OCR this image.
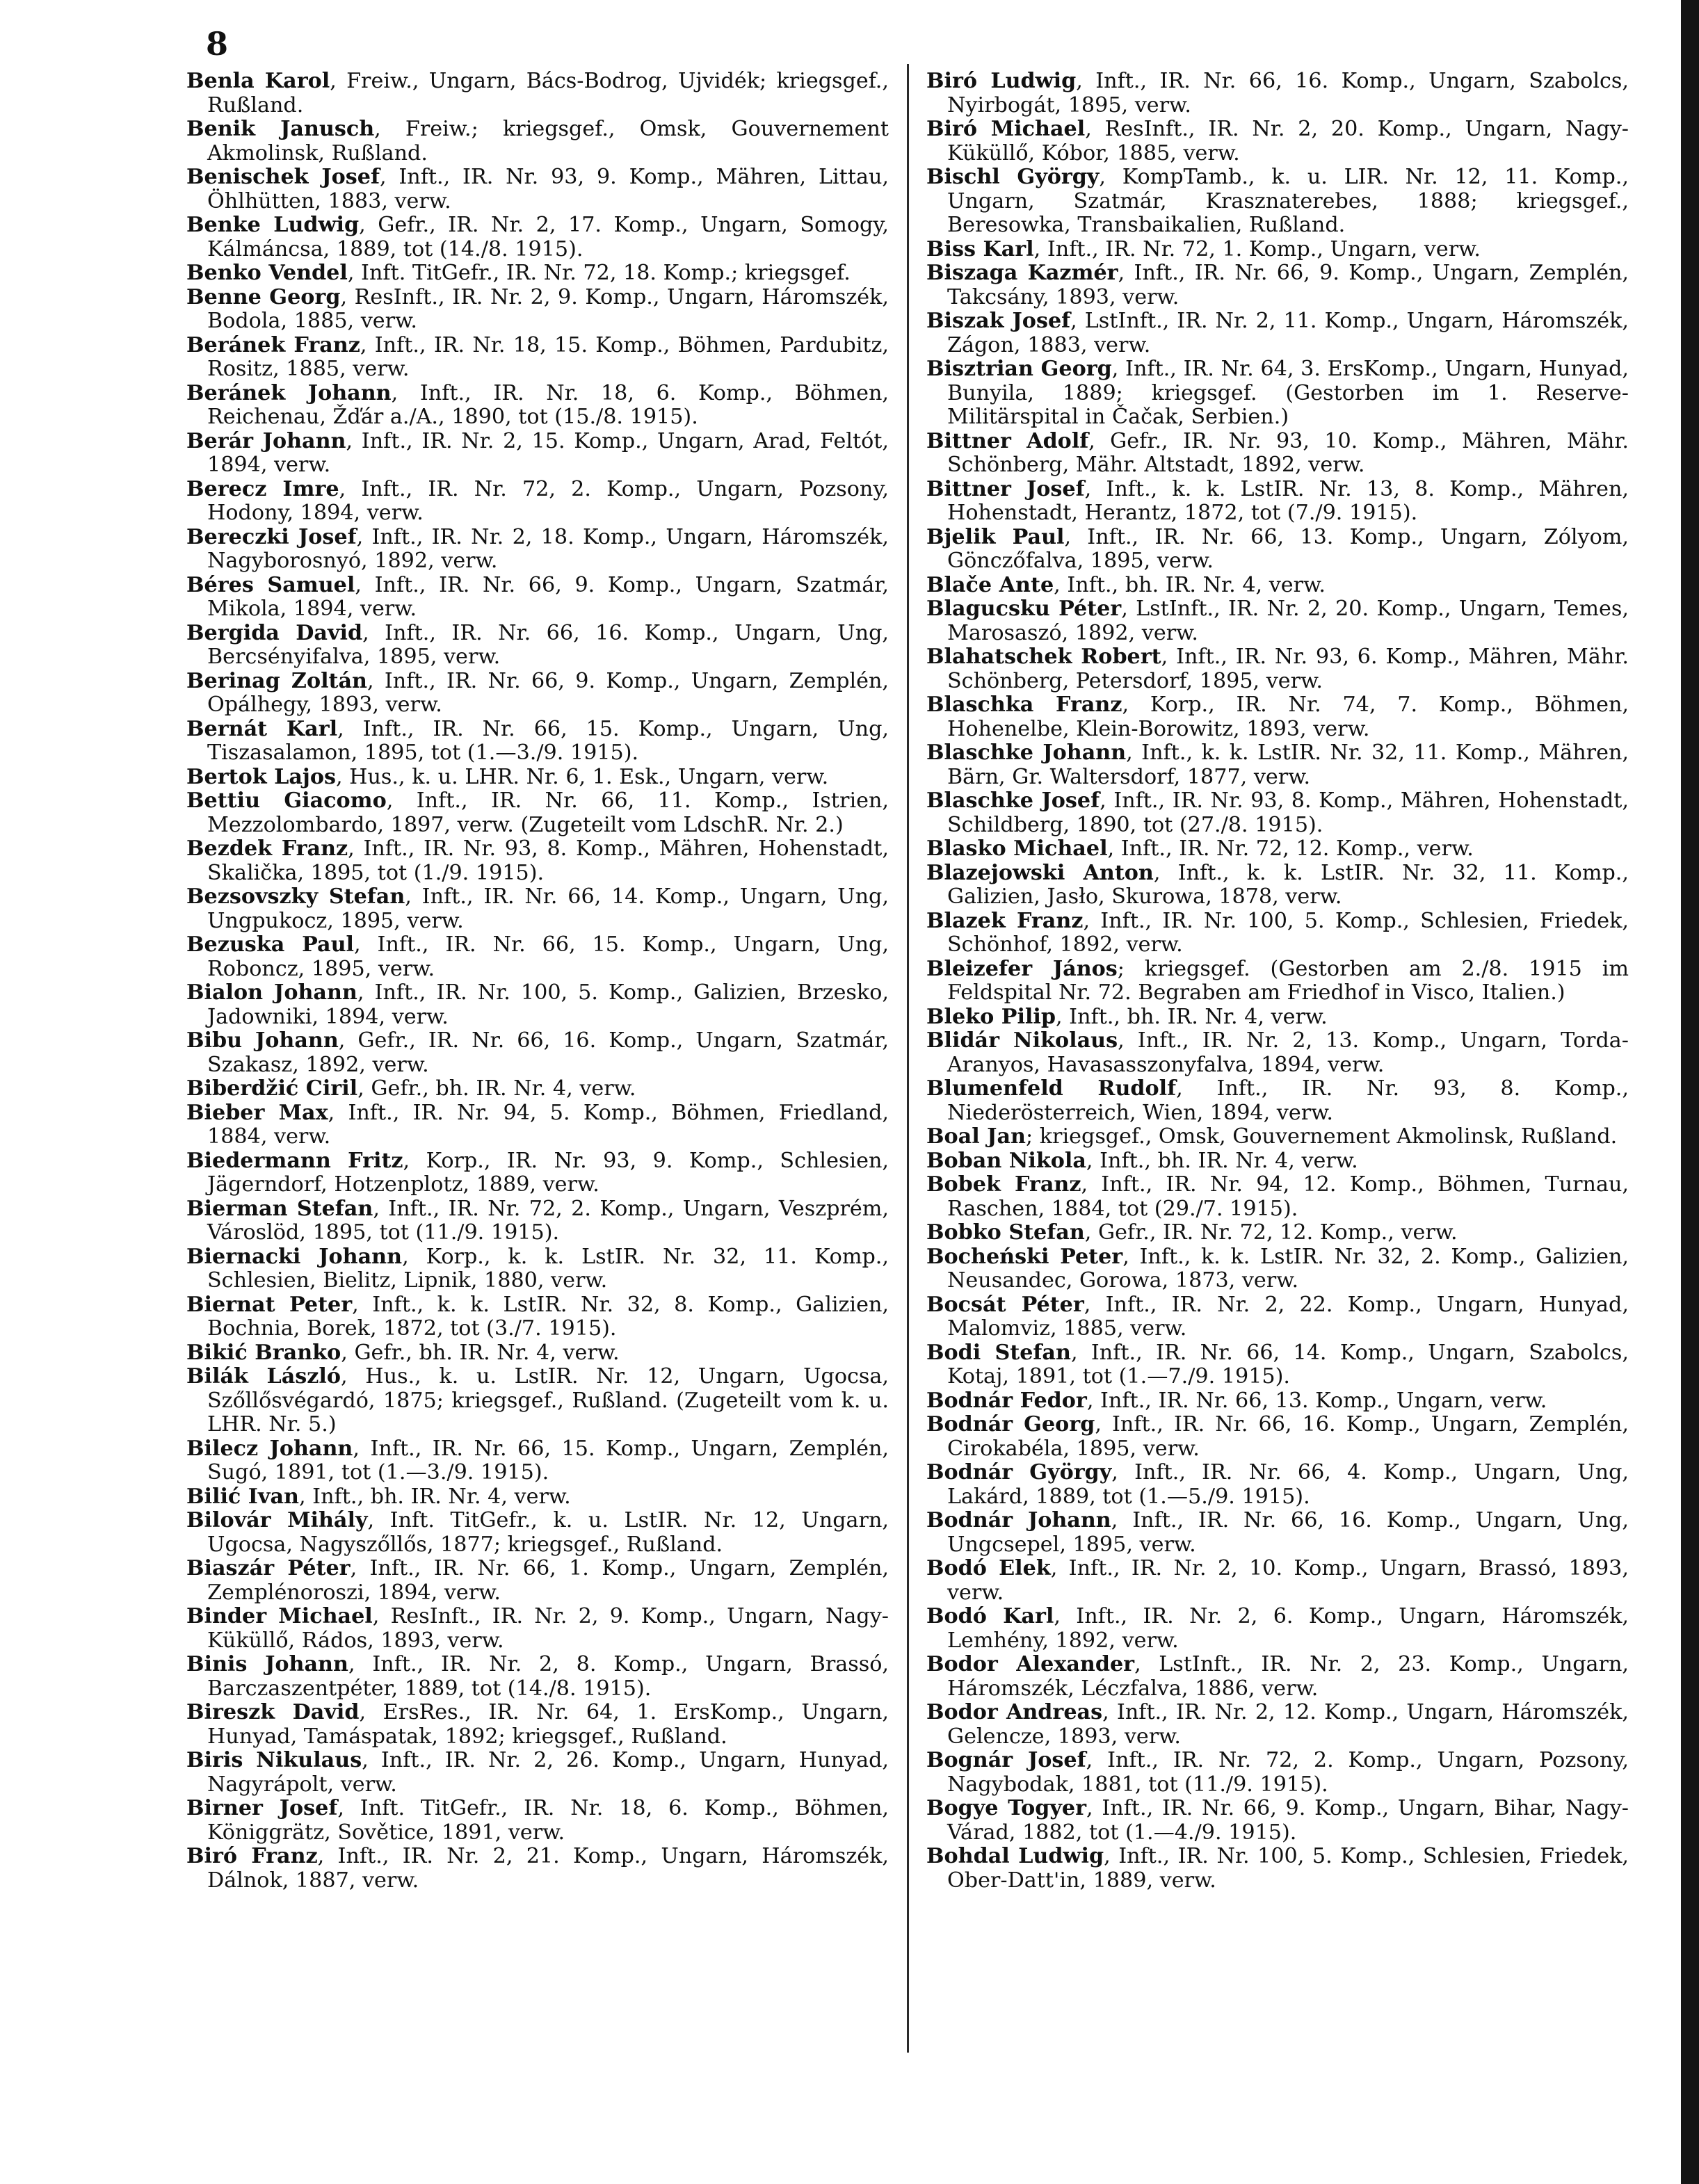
8

Benla Karol, Freiw., Ungarn, Bács-Bodrog, Ujvidék; kriegsgef., Rußland.

Benik Janusch, Freiw.; kriegsgef., Omsk, Gouvernement Akmolinsk, Rußland.

Benischek Josef, Inft., IR. Nr. 93, 9. Komp., Mähren, Littau, Öhlhütten, 1883, verw.

Benke Ludwig, Gefr., IR. Nr. 2, 17. Komp., Ungarn, Somogy, Kálmáncsa, 1889, tot (14./8. 1915).

Benko Vendel, Inft. TitGefr., IR. Nr. 72, 18. Komp.; kriegsgef.

Benne Georg, ResInft., IR. Nr. 2, 9. Komp., Ungarn, Háromszék, Bodola, 1885, verw.

Beránek Franz, Inft., IR. Nr. 18, 15. Komp., Böhmen, Pardubitz, Rositz, 1885, verw.

Beránek Johann, Inft., IR. Nr. 18, 6. Komp., Böhmen, Reichenau, Žďár a./A., 1890, tot (15./8. 1915).

Berár Johann, Inft., IR. Nr. 2, 15. Komp., Ungarn, Arad, Feltót, 1894, verw.

Berecz Imre, Inft., IR. Nr. 72, 2. Komp., Ungarn, Pozsony, Hodony, 1894, verw.

Bereczki Josef, Inft., IR. Nr. 2, 18. Komp., Ungarn, Háromszék, Nagyborosnyó, 1892, verw.

Béres Samuel, Inft., IR. Nr. 66, 9. Komp., Ungarn, Szatmár, Mikola, 1894, verw.

Bergida David, Inft., IR. Nr. 66, 16. Komp., Ungarn, Ung, Bercsényifalva, 1895, verw.

Berinag Zoltán, Inft., IR. Nr. 66, 9. Komp., Ungarn, Zemplén, Opálhegy, 1893, verw.

Bernát Karl, Inft., IR. Nr. 66, 15. Komp., Ungarn, Ung, Tiszasalamon, 1895, tot (1.—3./9. 1915).

Bertok Lajos, Hus., k. u. LHR. Nr. 6, 1. Esk., Ungarn, verw.

Bettiu Giacomo, Inft., IR. Nr. 66, 11. Komp., Istrien, Mezzolombardo, 1897, verw. (Zugeteilt vom LdschR. Nr. 2.)

Bezdek Franz, Inft., IR. Nr. 93, 8. Komp., Mähren, Hohenstadt, Skalička, 1895, tot (1./9. 1915).

Bezsovszky Stefan, Inft., IR. Nr. 66, 14. Komp., Ungarn, Ung, Ungpukocz, 1895, verw.

Bezuska Paul, Inft., IR. Nr. 66, 15. Komp., Ungarn, Ung, Roboncz, 1895, verw.

Bialon Johann, Inft., IR. Nr. 100, 5. Komp., Galizien, Brzesko, Jadowniki, 1894, verw.

Bibu Johann, Gefr., IR. Nr. 66, 16. Komp., Ungarn, Szatmár, Szakasz, 1892, verw.

Biberdžić Ciril, Gefr., bh. IR. Nr. 4, verw.

Bieber Max, Inft., IR. Nr. 94, 5. Komp., Böhmen, Friedland, 1884, verw.

Biedermann Fritz, Korp., IR. Nr. 93, 9. Komp., Schlesien, Jägerndorf, Hotzenplotz, 1889, verw.

Bierman Stefan, Inft., IR. Nr. 72, 2. Komp., Ungarn, Veszprém, Városlöd, 1895, tot (11./9. 1915).

Biernacki Johann, Korp., k. k. LstIR. Nr. 32, 11. Komp., Schlesien, Bielitz, Lipnik, 1880, verw.

Biernat Peter, Inft., k. k. LstIR. Nr. 32, 8. Komp., Galizien, Bochnia, Borek, 1872, tot (3./7. 1915).

Bikić Branko, Gefr., bh. IR. Nr. 4, verw.

Bilák László, Hus., k. u. LstIR. Nr. 12, Ungarn, Ugocsa, Szőllősvégardó, 1875; kriegsgef., Rußland. (Zugeteilt vom k. u. LHR. Nr. 5.)

Bilecz Johann, Inft., IR. Nr. 66, 15. Komp., Ungarn, Zemplén, Sugó, 1891, tot (1.—3./9. 1915).

Bilić Ivan, Inft., bh. IR. Nr. 4, verw.

Bilovár Mihály, Inft. TitGefr., k. u. LstIR. Nr. 12, Ungarn, Ugocsa, Nagyszőllős, 1877; kriegsgef., Rußland.

Biaszár Péter, Inft., IR. Nr. 66, 1. Komp., Ungarn, Zemplén, Zemplénoroszi, 1894, verw.

Binder Michael, ResInft., IR. Nr. 2, 9. Komp., Ungarn, Nagy-Küküllő, Rádos, 1893, verw.

Binis Johann, Inft., IR. Nr. 2, 8. Komp., Ungarn, Brassó, Barczaszentpéter, 1889, tot (14./8. 1915).

Bireszk David, ErsRes., IR. Nr. 64, 1. ErsKomp., Ungarn, Hunyad, Tamáspatak, 1892; kriegsgef., Rußland.

Biris Nikulaus, Inft., IR. Nr. 2, 26. Komp., Ungarn, Hunyad, Nagyrápolt, verw.

Birner Josef, Inft. TitGefr., IR. Nr. 18, 6. Komp., Böhmen, Königgrätz, Sovětice, 1891, verw.

Biró Franz, Inft., IR. Nr. 2, 21. Komp., Ungarn, Háromszék, Dálnok, 1887, verw.

Biró Ludwig, Inft., IR. Nr. 66, 16. Komp., Ungarn, Szabolcs, Nyirbogát, 1895, verw.

Biró Michael, ResInft., IR. Nr. 2, 20. Komp., Ungarn, Nagy-Küküllő, Kóbor, 1885, verw.

Bischl György, KompTamb., k. u. LIR. Nr. 12, 11. Komp., Ungarn, Szatmár, Krasznaterebes, 1888; kriegsgef., Beresowka, Transbaikalien, Rußland.

Biss Karl, Inft., IR. Nr. 72, 1. Komp., Ungarn, verw.

Biszaga Kazmér, Inft., IR. Nr. 66, 9. Komp., Ungarn, Zemplén, Takcsány, 1893, verw.

Biszak Josef, LstInft., IR. Nr. 2, 11. Komp., Ungarn, Háromszék, Zágon, 1883, verw.

Bisztrian Georg, Inft., IR. Nr. 64, 3. ErsKomp., Ungarn, Hunyad, Bunyila, 1889; kriegsgef. (Gestorben im 1. Reserve-Militärspital in Čačak, Serbien.)

Bittner Adolf, Gefr., IR. Nr. 93, 10. Komp., Mähren, Mähr. Schönberg, Mähr. Altstadt, 1892, verw.

Bittner Josef, Inft., k. k. LstIR. Nr. 13, 8. Komp., Mähren, Hohenstadt, Herantz, 1872, tot (7./9. 1915).

Bjelik Paul, Inft., IR. Nr. 66, 13. Komp., Ungarn, Zólyom, Gönczőfalva, 1895, verw.

Blače Ante, Inft., bh. IR. Nr. 4, verw.

Blagucsku Péter, LstInft., IR. Nr. 2, 20. Komp., Ungarn, Temes, Marosaszó, 1892, verw.

Blahatschek Robert, Inft., IR. Nr. 93, 6. Komp., Mähren, Mähr. Schönberg, Petersdorf, 1895, verw.

Blaschka Franz, Korp., IR. Nr. 74, 7. Komp., Böhmen, Hohenelbe, Klein-Borowitz, 1893, verw.

Blaschke Johann, Inft., k. k. LstIR. Nr. 32, 11. Komp., Mähren, Bärn, Gr. Waltersdorf, 1877, verw.

Blaschke Josef, Inft., IR. Nr. 93, 8. Komp., Mähren, Hohenstadt, Schildberg, 1890, tot (27./8. 1915).

Blasko Michael, Inft., IR. Nr. 72, 12. Komp., verw.

Blazejowski Anton, Inft., k. k. LstIR. Nr. 32, 11. Komp., Galizien, Jasło, Skurowa, 1878, verw.

Blazek Franz, Inft., IR. Nr. 100, 5. Komp., Schlesien, Friedek, Schönhof, 1892, verw.

Bleizefer János; kriegsgef. (Gestorben am 2./8. 1915 im Feldspital Nr. 72. Begraben am Friedhof in Visco, Italien.)

Bleko Pilip, Inft., bh. IR. Nr. 4, verw.

Blidár Nikolaus, Inft., IR. Nr. 2, 13. Komp., Ungarn, Torda-Aranyos, Havasasszonyfalva, 1894, verw.

Blumenfeld Rudolf, Inft., IR. Nr. 93, 8. Komp., Niederösterreich, Wien, 1894, verw.

Boal Jan; kriegsgef., Omsk, Gouvernement Akmolinsk, Rußland.

Boban Nikola, Inft., bh. IR. Nr. 4, verw.

Bobek Franz, Inft., IR. Nr. 94, 12. Komp., Böhmen, Turnau, Raschen, 1884, tot (29./7. 1915).

Bobko Stefan, Gefr., IR. Nr. 72, 12. Komp., verw.

Bocheński Peter, Inft., k. k. LstIR. Nr. 32, 2. Komp., Galizien, Neusandec, Gorowa, 1873, verw.

Bocsát Péter, Inft., IR. Nr. 2, 22. Komp., Ungarn, Hunyad, Malomviz, 1885, verw.

Bodi Stefan, Inft., IR. Nr. 66, 14. Komp., Ungarn, Szabolcs, Kotaj, 1891, tot (1.—7./9. 1915).

Bodnár Fedor, Inft., IR. Nr. 66, 13. Komp., Ungarn, verw.

Bodnár Georg, Inft., IR. Nr. 66, 16. Komp., Ungarn, Zemplén, Cirokabéla, 1895, verw.

Bodnár György, Inft., IR. Nr. 66, 4. Komp., Ungarn, Ung, Lakárd, 1889, tot (1.—5./9. 1915).

Bodnár Johann, Inft., IR. Nr. 66, 16. Komp., Ungarn, Ung, Ungcsepel, 1895, verw.

Bodó Elek, Inft., IR. Nr. 2, 10. Komp., Ungarn, Brassó, 1893, verw.

Bodó Karl, Inft., IR. Nr. 2, 6. Komp., Ungarn, Háromszék, Lemhény, 1892, verw.

Bodor Alexander, LstInft., IR. Nr. 2, 23. Komp., Ungarn, Háromszék, Léczfalva, 1886, verw.

Bodor Andreas, Inft., IR. Nr. 2, 12. Komp., Ungarn, Háromszék, Gelencze, 1893, verw.

Bognár Josef, Inft., IR. Nr. 72, 2. Komp., Ungarn, Pozsony, Nagybodak, 1881, tot (11./9. 1915).

Bogye Togyer, Inft., IR. Nr. 66, 9. Komp., Ungarn, Bihar, Nagy-Várad, 1882, tot (1.—4./9. 1915).

Bohdal Ludwig, Inft., IR. Nr. 100, 5. Komp., Schlesien, Friedek, Ober-Datt'in, 1889, verw.
